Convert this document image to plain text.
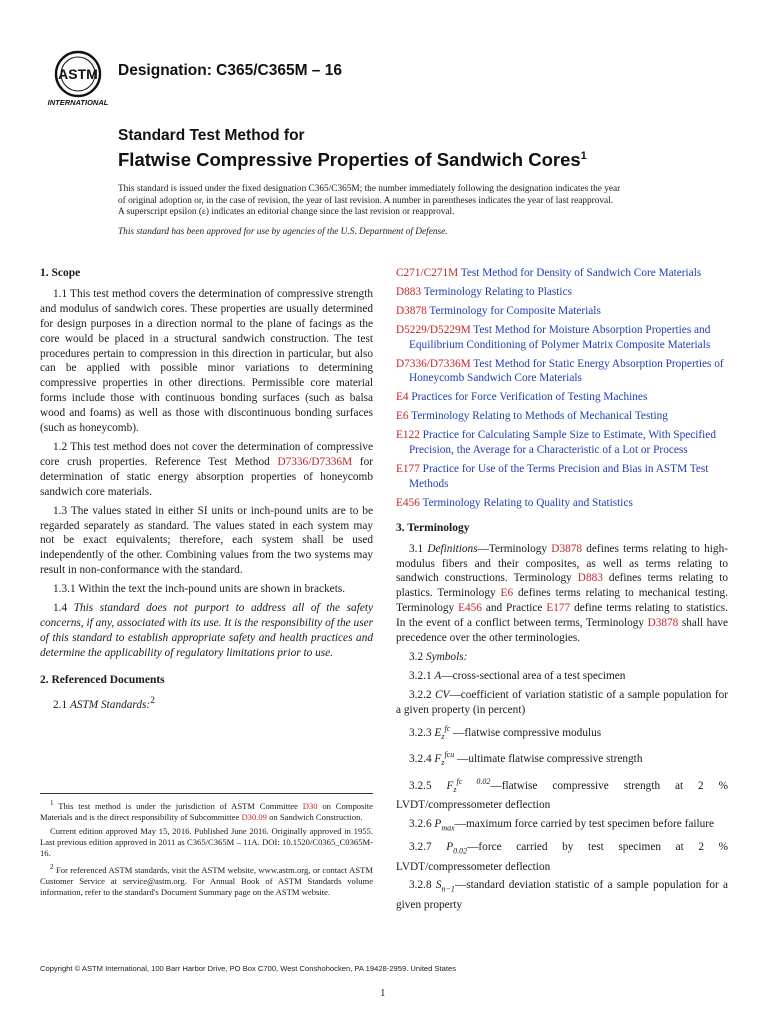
ASTM
INTERNATIONAL
Designation: C365/C365M – 16
Standard Test Method for
Flatwise Compressive Properties of Sandwich Cores$^1$

This standard is issued under the fixed designation C365/C365M; the number immediately following the designation indicates the year

of original adoption or, in the case of revision, the year of last revision. A number in parentheses indicates the year of last reapproval.

A superscript epsilon (ε) indicates an editorial change since the last revision or reapproval.

This standard has been approved for use by agencies of the U.S. Department of Defense.

1. Scope

1.1 This test method covers the determination of compressive strength and modulus of sandwich cores. These properties are usually determined for design purposes in a direction normal to the plane of facings as the core would be placed in a structural sandwich construction. The test procedures pertain to compression in this direction in particular, but also can be applied with possible minor variations to determining compressive properties in other directions. Permissible core material forms include those with continuous bonding surfaces (such as balsa wood and foams) as well as those with discontinuous bonding surfaces (such as honeycomb).

1.2 This test method does not cover the determination of compressive core crush properties. Reference Test Method D7336/D7336M for determination of static energy absorption properties of honeycomb sandwich core materials.

1.3 The values stated in either SI units or inch-pound units are to be regarded separately as standard. The values stated in each system may not be exact equivalents; therefore, each system shall be used independently of the other. Combining values from the two systems may result in non-conformance with the standard.

1.3.1 Within the text the inch-pound units are shown in brackets.

1.4 This standard does not purport to address all of the safety concerns, if any, associated with its use. It is the responsibility of the user of this standard to establish appropriate safety and health practices and determine the applicability of regulatory limitations prior to use.

2. Referenced Documents

2.1 ASTM Standards:$^2$

$^1$ This test method is under the jurisdiction of ASTM Committee D30 on Composite Materials and is the direct responsibility of Subcommittee D30.09 on Sandwich Construction.

Current edition approved May 15, 2016. Published June 2016. Originally approved in 1955. Last previous edition approved in 2011 as C365/C365M – 11A. DOI: 10.1520/C0365_C0365M-16.

$^2$ For referenced ASTM standards, visit the ASTM website, www.astm.org, or contact ASTM Customer Service at service@astm.org. For Annual Book of ASTM Standards volume information, refer to the standard's Document Summary page on the ASTM website.

C271/C271M Test Method for Density of Sandwich Core Materials

D883 Terminology Relating to Plastics

D3878 Terminology for Composite Materials

D5229/D5229M Test Method for Moisture Absorption Properties and Equilibrium Conditioning of Polymer Matrix Composite Materials

D7336/D7336M Test Method for Static Energy Absorption Properties of Honeycomb Sandwich Core Materials

E4 Practices for Force Verification of Testing Machines

E6 Terminology Relating to Methods of Mechanical Testing

E122 Practice for Calculating Sample Size to Estimate, With Specified Precision, the Average for a Characteristic of a Lot or Process

E177 Practice for Use of the Terms Precision and Bias in ASTM Test Methods

E456 Terminology Relating to Quality and Statistics

3. Terminology

3.1 Definitions—Terminology D3878 defines terms relating to high-modulus fibers and their composites, as well as terms relating to sandwich constructions. Terminology D883 defines terms relating to plastics. Terminology E6 defines terms relating to mechanical testing. Terminology E456 and Practice E177 define terms relating to statistics. In the event of a conflict between terms, Terminology D3878 shall have precedence over the other terminologies.

3.2 Symbols:

3.2.1 A—cross-sectional area of a test specimen

3.2.2 CV—coefficient of variation statistic of a sample population for a given property (in percent)

3.2.3 $E_z^{fc}$ —flatwise compressive modulus

3.2.4 $F_z^{fcu}$ —ultimate flatwise compressive strength

3.2.5 $F_z^{fc 0.02}—flatwise$ compressive strength at 2 % LVDT/compressometer deflection

3.2.6 $P_{max}—maximum$ force carried by test specimen before failure

3.2.7 $P_{0.02}—force$ carried by test specimen at 2 % LVDT/compressometer deflection

3.2.8 $S_{n-1}—standard$ deviation statistic of a sample population for a given property

Copyright © ASTM International, 100 Barr Harbor Drive, PO Box C700, West Conshohocken, PA 19428-2959. United States
1
